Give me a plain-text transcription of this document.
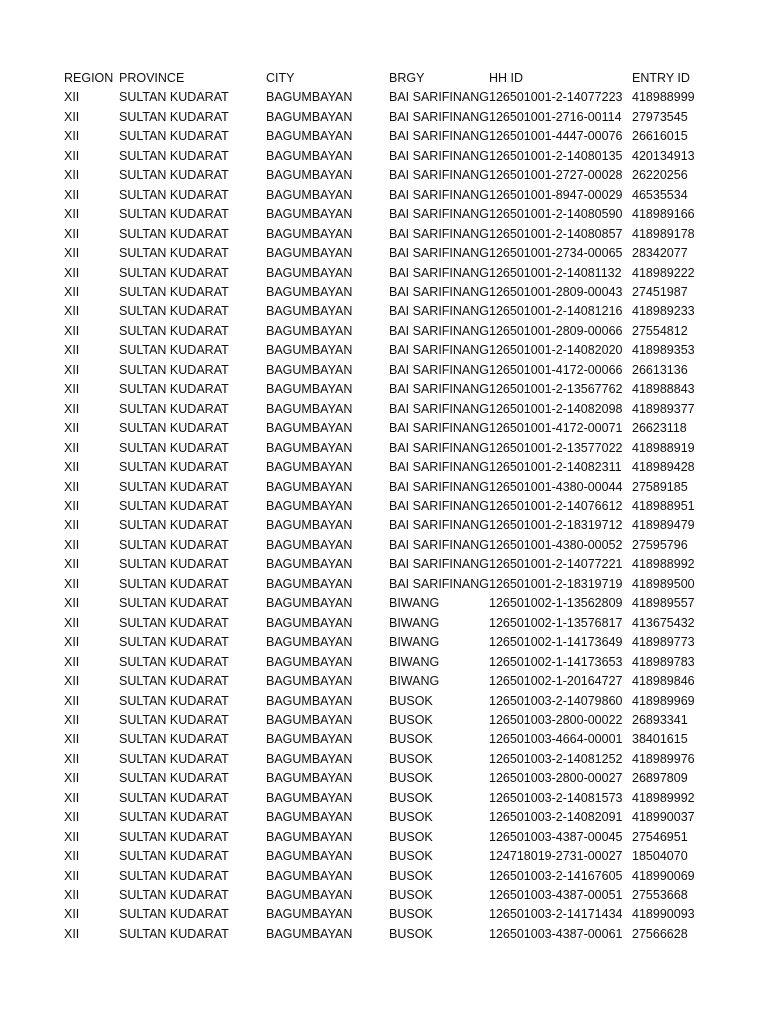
REGION	PROVINCE	CITY	BRGY	HH ID	ENTRY ID
XII	SULTAN KUDARAT	BAGUMBAYAN	BAI SARIFINANG	126501001-2-14077223	418988999
XII	SULTAN KUDARAT	BAGUMBAYAN	BAI SARIFINANG	126501001-2716-00114	27973545
XII	SULTAN KUDARAT	BAGUMBAYAN	BAI SARIFINANG	126501001-4447-00076	26616015
XII	SULTAN KUDARAT	BAGUMBAYAN	BAI SARIFINANG	126501001-2-14080135	420134913
XII	SULTAN KUDARAT	BAGUMBAYAN	BAI SARIFINANG	126501001-2727-00028	26220256
XII	SULTAN KUDARAT	BAGUMBAYAN	BAI SARIFINANG	126501001-8947-00029	46535534
XII	SULTAN KUDARAT	BAGUMBAYAN	BAI SARIFINANG	126501001-2-14080590	418989166
XII	SULTAN KUDARAT	BAGUMBAYAN	BAI SARIFINANG	126501001-2-14080857	418989178
XII	SULTAN KUDARAT	BAGUMBAYAN	BAI SARIFINANG	126501001-2734-00065	28342077
XII	SULTAN KUDARAT	BAGUMBAYAN	BAI SARIFINANG	126501001-2-14081132	418989222
XII	SULTAN KUDARAT	BAGUMBAYAN	BAI SARIFINANG	126501001-2809-00043	27451987
XII	SULTAN KUDARAT	BAGUMBAYAN	BAI SARIFINANG	126501001-2-14081216	418989233
XII	SULTAN KUDARAT	BAGUMBAYAN	BAI SARIFINANG	126501001-2809-00066	27554812
XII	SULTAN KUDARAT	BAGUMBAYAN	BAI SARIFINANG	126501001-2-14082020	418989353
XII	SULTAN KUDARAT	BAGUMBAYAN	BAI SARIFINANG	126501001-4172-00066	26613136
XII	SULTAN KUDARAT	BAGUMBAYAN	BAI SARIFINANG	126501001-2-13567762	418988843
XII	SULTAN KUDARAT	BAGUMBAYAN	BAI SARIFINANG	126501001-2-14082098	418989377
XII	SULTAN KUDARAT	BAGUMBAYAN	BAI SARIFINANG	126501001-4172-00071	26623118
XII	SULTAN KUDARAT	BAGUMBAYAN	BAI SARIFINANG	126501001-2-13577022	418988919
XII	SULTAN KUDARAT	BAGUMBAYAN	BAI SARIFINANG	126501001-2-14082311	418989428
XII	SULTAN KUDARAT	BAGUMBAYAN	BAI SARIFINANG	126501001-4380-00044	27589185
XII	SULTAN KUDARAT	BAGUMBAYAN	BAI SARIFINANG	126501001-2-14076612	418988951
XII	SULTAN KUDARAT	BAGUMBAYAN	BAI SARIFINANG	126501001-2-18319712	418989479
XII	SULTAN KUDARAT	BAGUMBAYAN	BAI SARIFINANG	126501001-4380-00052	27595796
XII	SULTAN KUDARAT	BAGUMBAYAN	BAI SARIFINANG	126501001-2-14077221	418988992
XII	SULTAN KUDARAT	BAGUMBAYAN	BAI SARIFINANG	126501001-2-18319719	418989500
XII	SULTAN KUDARAT	BAGUMBAYAN	BIWANG	126501002-1-13562809	418989557
XII	SULTAN KUDARAT	BAGUMBAYAN	BIWANG	126501002-1-13576817	413675432
XII	SULTAN KUDARAT	BAGUMBAYAN	BIWANG	126501002-1-14173649	418989773
XII	SULTAN KUDARAT	BAGUMBAYAN	BIWANG	126501002-1-14173653	418989783
XII	SULTAN KUDARAT	BAGUMBAYAN	BIWANG	126501002-1-20164727	418989846
XII	SULTAN KUDARAT	BAGUMBAYAN	BUSOK	126501003-2-14079860	418989969
XII	SULTAN KUDARAT	BAGUMBAYAN	BUSOK	126501003-2800-00022	26893341
XII	SULTAN KUDARAT	BAGUMBAYAN	BUSOK	126501003-4664-00001	38401615
XII	SULTAN KUDARAT	BAGUMBAYAN	BUSOK	126501003-2-14081252	418989976
XII	SULTAN KUDARAT	BAGUMBAYAN	BUSOK	126501003-2800-00027	26897809
XII	SULTAN KUDARAT	BAGUMBAYAN	BUSOK	126501003-2-14081573	418989992
XII	SULTAN KUDARAT	BAGUMBAYAN	BUSOK	126501003-2-14082091	418990037
XII	SULTAN KUDARAT	BAGUMBAYAN	BUSOK	126501003-4387-00045	27546951
XII	SULTAN KUDARAT	BAGUMBAYAN	BUSOK	124718019-2731-00027	18504070
XII	SULTAN KUDARAT	BAGUMBAYAN	BUSOK	126501003-2-14167605	418990069
XII	SULTAN KUDARAT	BAGUMBAYAN	BUSOK	126501003-4387-00051	27553668
XII	SULTAN KUDARAT	BAGUMBAYAN	BUSOK	126501003-2-14171434	418990093
XII	SULTAN KUDARAT	BAGUMBAYAN	BUSOK	126501003-4387-00061	27566628
